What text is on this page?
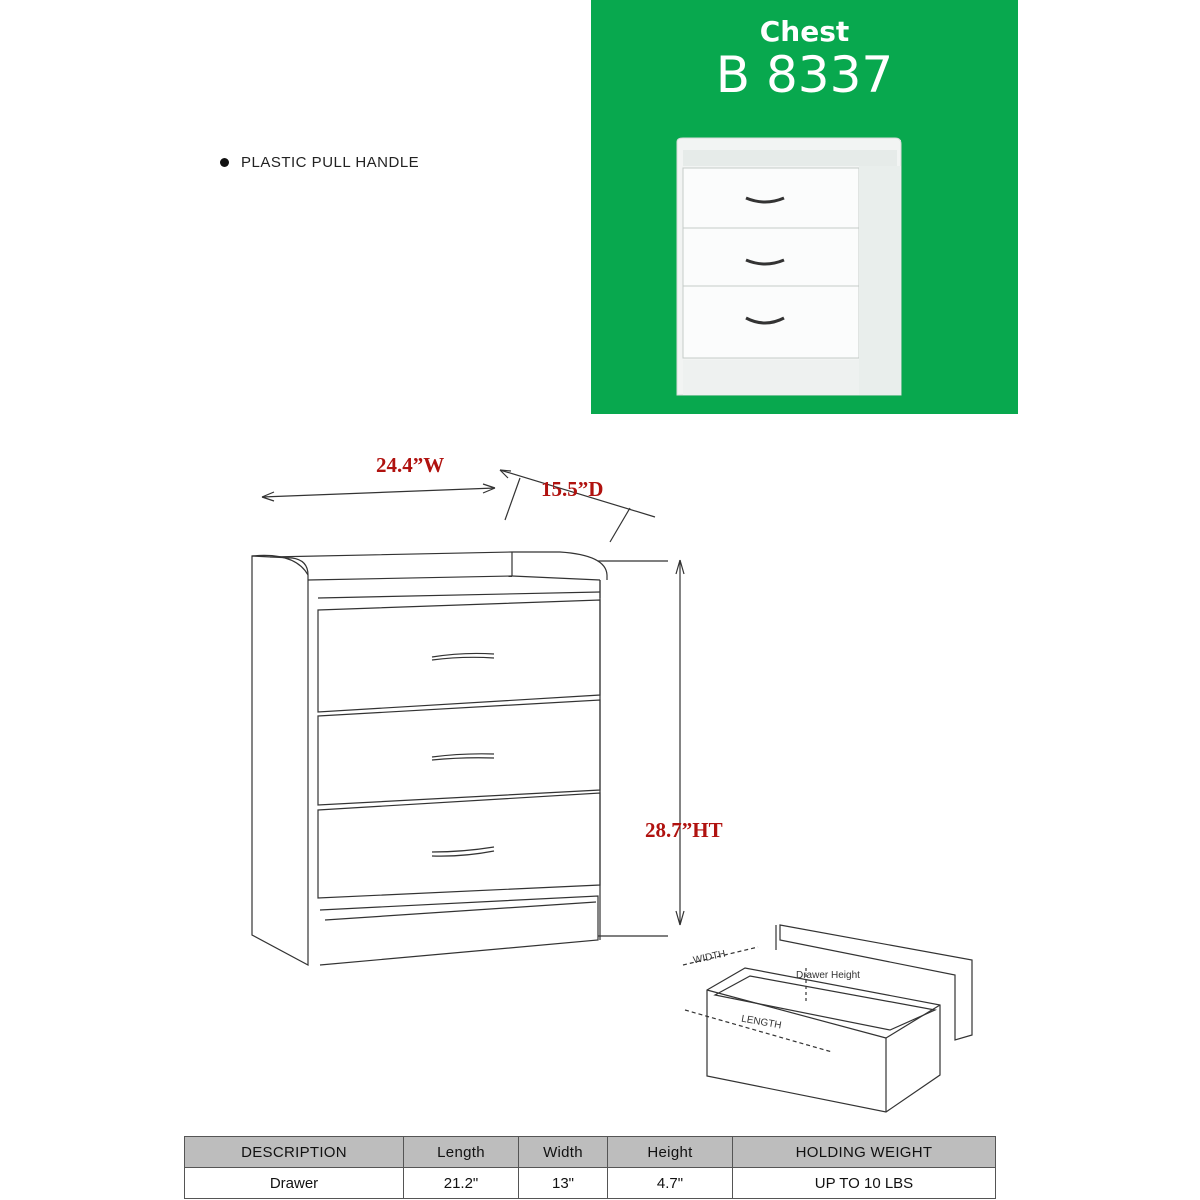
PLASTIC PULL HANDLE
Chest
B 8337
24.4”W
15.5”D
28.7”HT
WIDTH
Drawer Height
LENGTH
DESCRIPTION	Length	Width	Height	HOLDING WEIGHT
Drawer	21.2"	13"	4.7"	UP TO 10 LBS
